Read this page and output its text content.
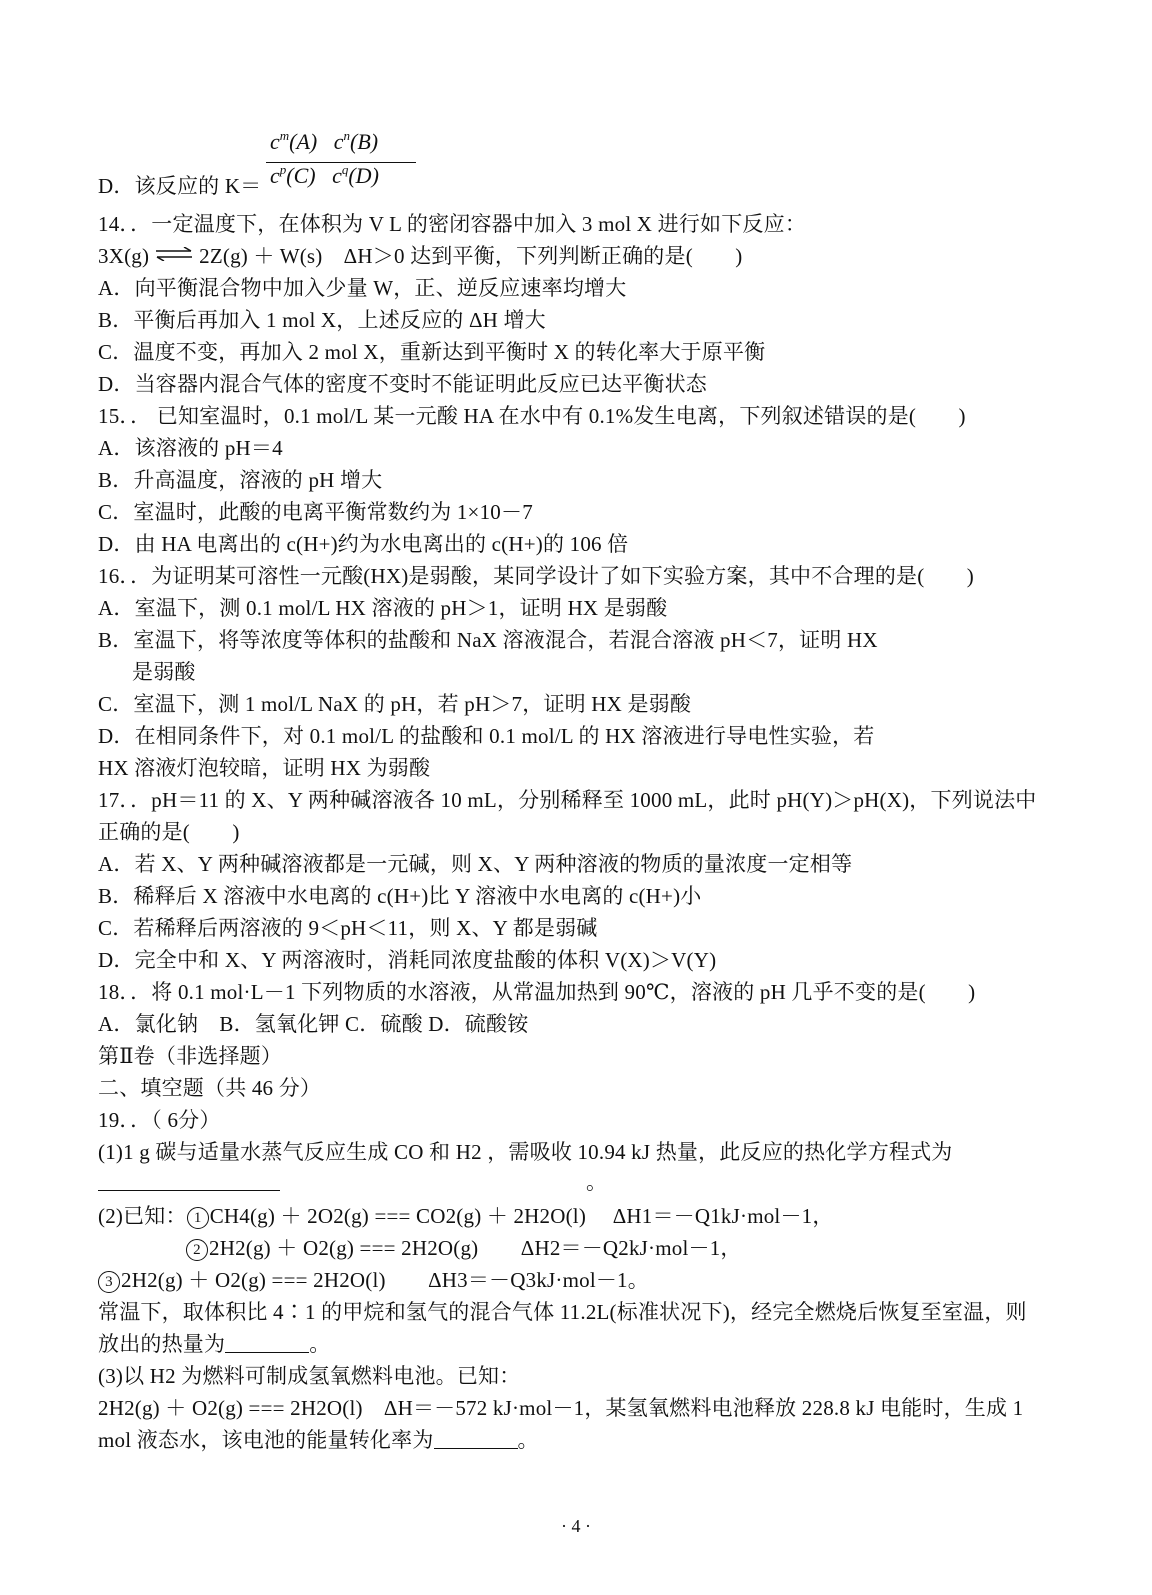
$c^m(A)$   $c^n(B)$
$c^p(C)$   $c^q(D)$
D．该反应的 K＝
14．．一定温度下，在体积为 V L 的密闭容器中加入 3 mol X 进行如下反应：
3X(g) ⇌ 2Z(g) ＋ W(s)　ΔH＞0 达到平衡，下列判断正确的是(　　)
A．向平衡混合物中加入少量 W，正、逆反应速率均增大
B．平衡后再加入 1 mol X，上述反应的 ΔH 增大
C．温度不变，再加入 2 mol X，重新达到平衡时 X 的转化率大于原平衡
D．当容器内混合气体的密度不变时不能证明此反应已达平衡状态
15．． 已知室温时，0.1 mol/L 某一元酸 HA 在水中有 0.1%发生电离，下列叙述错误的是(　　)
A．该溶液的 pH＝4
B．升高温度，溶液的 pH 增大
C．室温时，此酸的电离平衡常数约为 1×10－7
D．由 HA 电离出的 c(H+)约为水电离出的 c(H+)的 106 倍
16．．为证明某可溶性一元酸(HX)是弱酸，某同学设计了如下实验方案，其中不合理的是(　　)
A．室温下，测 0.1 mol/L HX 溶液的 pH＞1，证明 HX 是弱酸
B．室温下，将等浓度等体积的盐酸和 NaX 溶液混合，若混合溶液 pH＜7，证明 HX
是弱酸
C．室温下，测 1 mol/L NaX 的 pH，若 pH＞7，证明 HX 是弱酸
D．在相同条件下，对 0.1 mol/L 的盐酸和 0.1 mol/L 的 HX 溶液进行导电性实验，若
HX 溶液灯泡较暗，证明 HX 为弱酸
17．．pH＝11 的 X、Y 两种碱溶液各 10 mL，分别稀释至 1000 mL，此时 pH(Y)＞pH(X)，下列说法中
正确的是(　　)
A．若 X、Y 两种碱溶液都是一元碱，则 X、Y 两种溶液的物质的量浓度一定相等
B．稀释后 X 溶液中水电离的 c(H+)比 Y 溶液中水电离的 c(H+)小
C．若稀释后两溶液的 9＜pH＜11，则 X、Y 都是弱碱
D．完全中和 X、Y 两溶液时，消耗同浓度盐酸的体积 V(X)＞V(Y)
18．．将 0.1 mol·L－1 下列物质的水溶液，从常温加热到 90℃，溶液的 pH 几乎不变的是(　　)
A．氯化钠　B．氢氧化钾 C．硫酸 D．硫酸铵
第Ⅱ卷（非选择题）
二、填空题（共 46 分）
19．．（ 6分）
(1)1 g 碳与适量水蒸气反应生成 CO 和 H2 ，需吸收 10.94 kJ 热量，此反应的热化学方程式为
。
(2)已知： 1 CH4(g) ＋ 2O2(g) === CO2(g) ＋ 2H2O(l)　 ΔH1＝－Q1kJ·mol－1，
2 2H2(g) ＋ O2(g) === 2H2O(g)　　ΔH2＝－Q2kJ·mol－1，
3 2H2(g) ＋ O2(g) === 2H2O(l)　　ΔH3＝－Q3kJ·mol－1。
常温下，取体积比 4∶1 的甲烷和氢气的混合气体 11.2L(标准状况下)，经完全燃烧后恢复至室温，则
放出的热量为	。
(3)以 H2 为燃料可制成氢氧燃料电池。已知：
2H2(g) ＋ O2(g) === 2H2O(l)　ΔH＝－572 kJ·mol－1，某氢氧燃料电池释放 228.8 kJ 电能时，生成 1
mol 液态水，该电池的能量转化率为	。
· 4 ·
